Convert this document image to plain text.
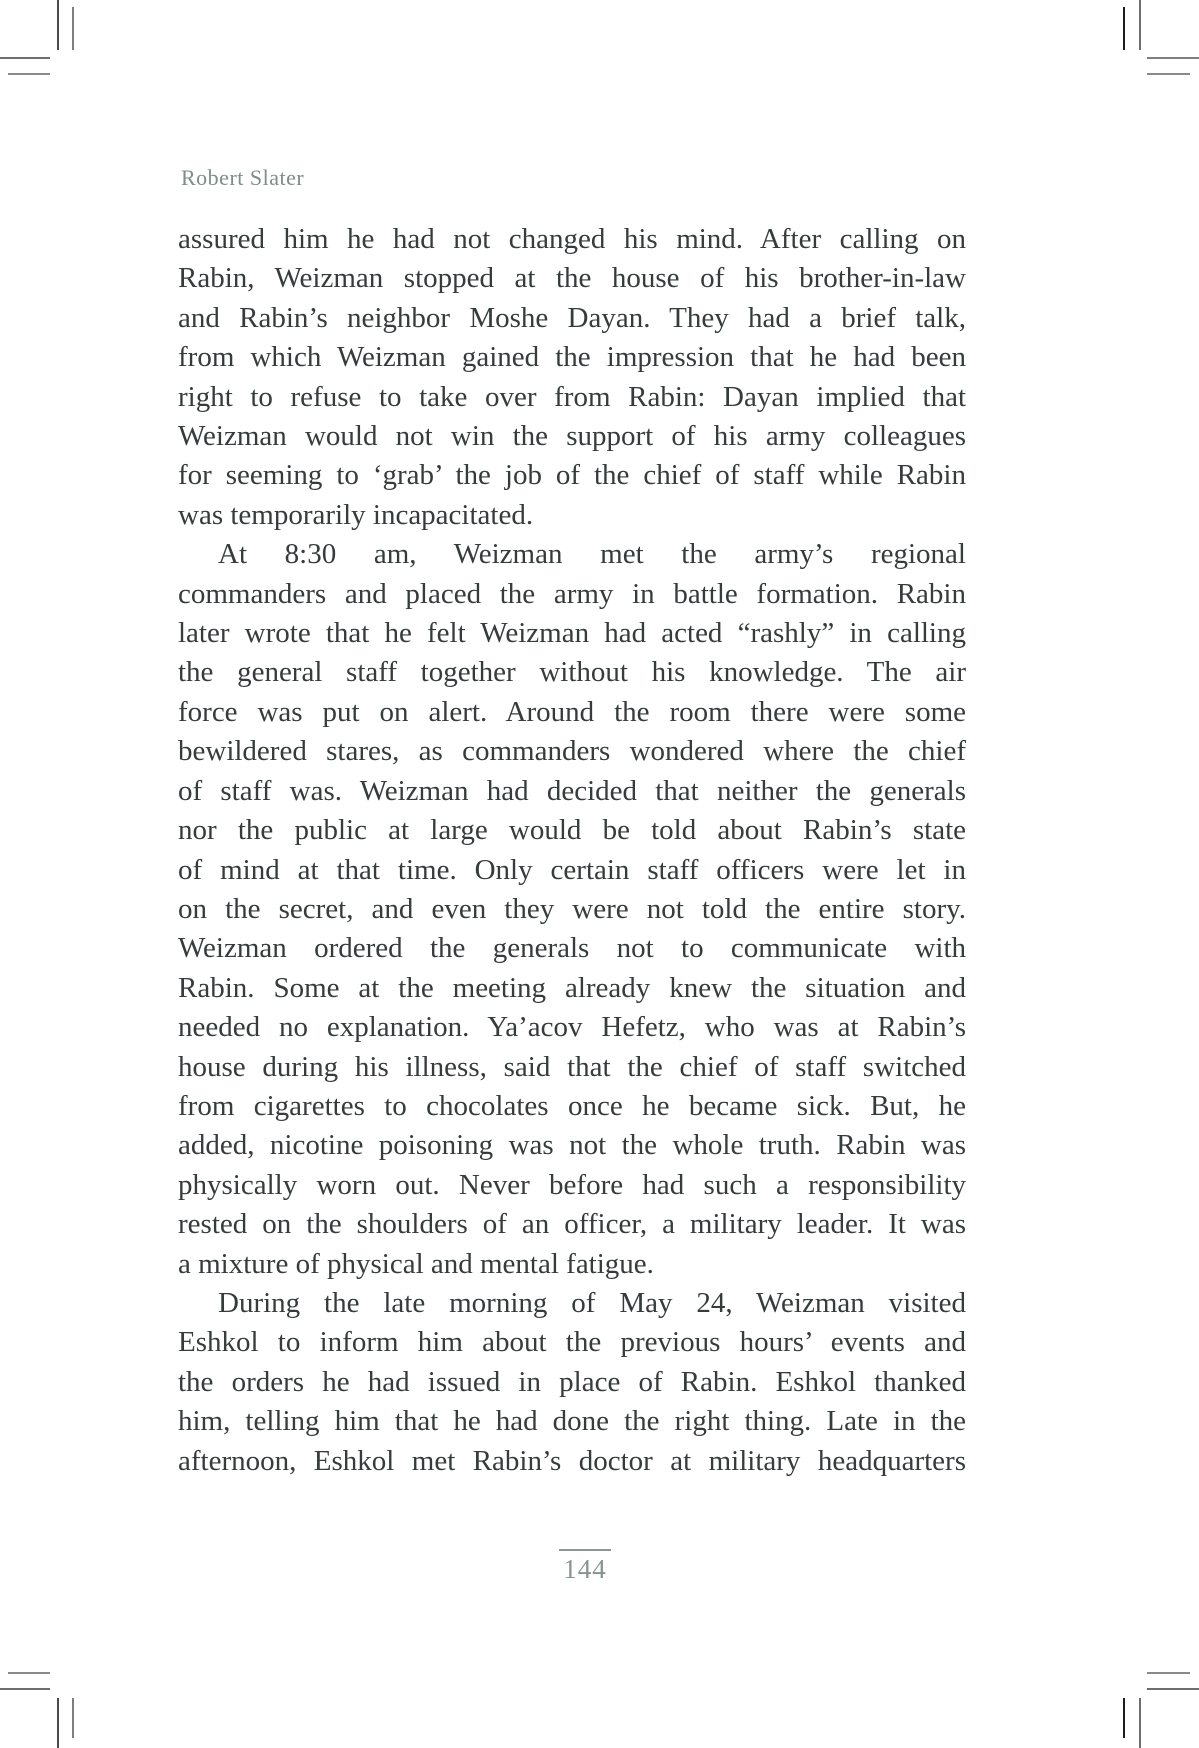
Robert Slater
assured him he had not changed his mind. After calling on
Rabin, Weizman stopped at the house of his brother-in-law
and Rabin’s neighbor Moshe Dayan. They had a brief talk,
from which Weizman gained the impression that he had been
right to refuse to take over from Rabin: Dayan implied that
Weizman would not win the support of his army colleagues
for seeming to ‘grab’ the job of the chief of staff while Rabin
was temporarily incapacitated.
At 8:30 am, Weizman met the army’s regional
commanders and placed the army in battle formation. Rabin
later wrote that he felt Weizman had acted “rashly” in calling
the general staff together without his knowledge. The air
force was put on alert. Around the room there were some
bewildered stares, as commanders wondered where the chief
of staff was. Weizman had decided that neither the generals
nor the public at large would be told about Rabin’s state
of mind at that time. Only certain staff officers were let in
on the secret, and even they were not told the entire story.
Weizman ordered the generals not to communicate with
Rabin. Some at the meeting already knew the situation and
needed no explanation. Ya’acov Hefetz, who was at Rabin’s
house during his illness, said that the chief of staff switched
from cigarettes to chocolates once he became sick. But, he
added, nicotine poisoning was not the whole truth. Rabin was
physically worn out. Never before had such a responsibility
rested on the shoulders of an officer, a military leader. It was
a mixture of physical and mental fatigue.
During the late morning of May 24, Weizman visited
Eshkol to inform him about the previous hours’ events and
the orders he had issued in place of Rabin. Eshkol thanked
him, telling him that he had done the right thing. Late in the
afternoon, Eshkol met Rabin’s doctor at military headquarters
144
